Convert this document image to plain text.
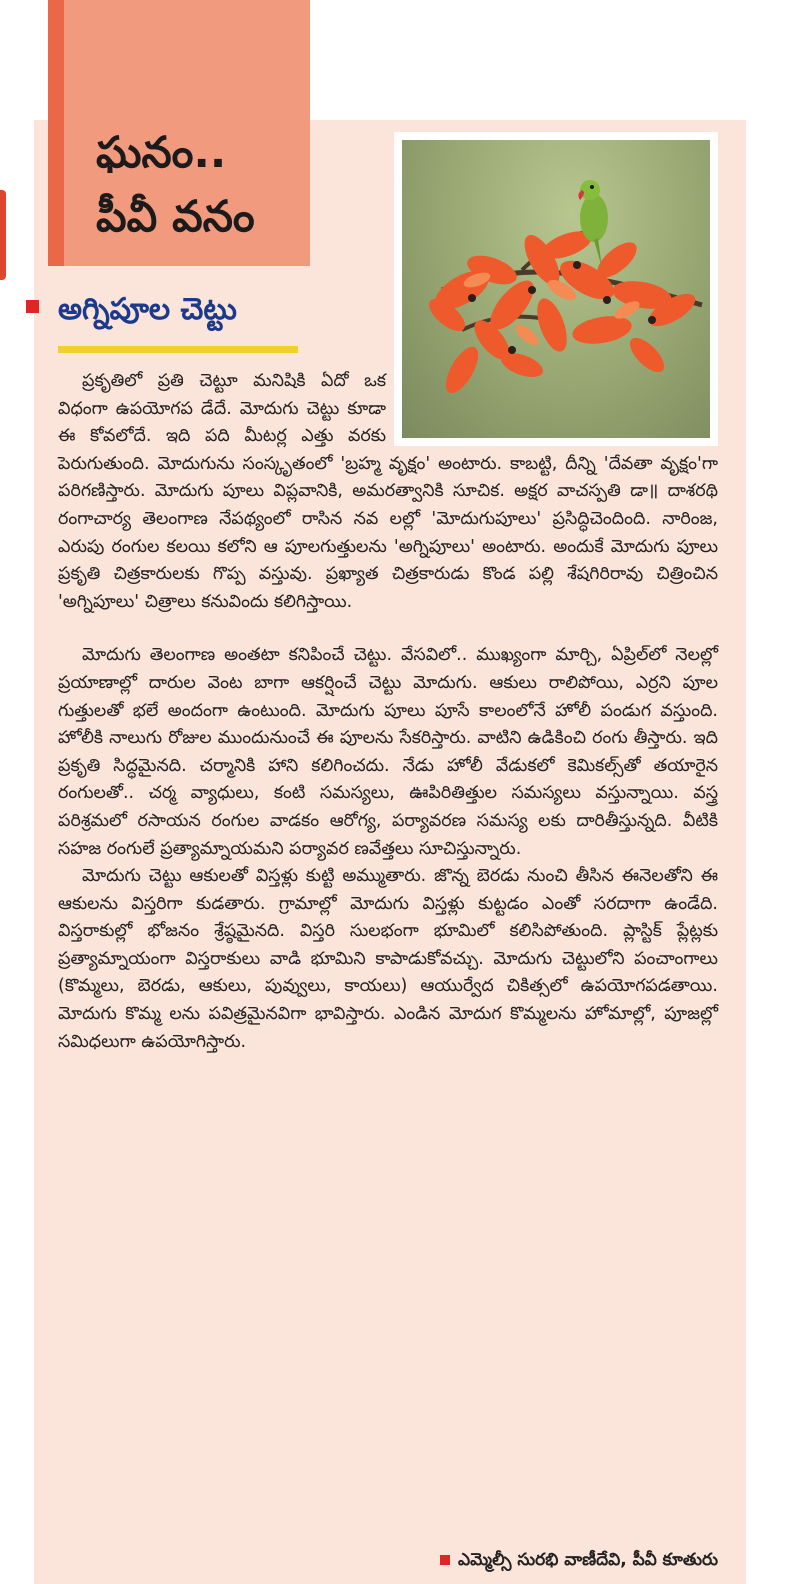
ఘనం..
పీవీ వనం
అగ్నిపూల చెట్టు

ప్రకృతిలో ప్రతి చెట్టూ మనిషికి ఏదో ఒక విధంగా ఉపయోగప డేదే. మోదుగు చెట్టు కూడా ఈ కోవలోదే. ఇది పది మీటర్ల ఎత్తు వరకు పెరుగుతుంది. మోదుగును సంస్కృతంలో 'బ్రహ్మ వృక్షం' అంటారు. కాబట్టి, దీన్ని 'దేవతా వృక్షం'గా పరిగణిస్తారు. మోదుగు పూలు విప్లవానికి, అమరత్వానికి సూచిక. అక్షర వాచస్పతి డా॥ దాశరథి రంగాచార్య తెలంగాణ నేపథ్యంలో రాసిన నవ లల్లో 'మోదుగుపూలు' ప్రసిద్ధిచెందింది. నారింజ, ఎరుపు రంగుల కలయి కలోని ఆ పూలగుత్తులను 'అగ్నిపూలు' అంటారు. అందుకే మోదుగు పూలు ప్రకృతి చిత్రకారులకు గొప్ప వస్తువు. ప్రఖ్యాత చిత్రకారుడు కొండ పల్లి శేషగిరిరావు చిత్రించిన 'అగ్నిపూలు' చిత్రాలు కనువిందు కలిగిస్తాయి.

మోదుగు తెలంగాణ అంతటా కనిపించే చెట్టు. వేసవిలో.. ముఖ్యంగా మార్చి, ఏప్రిల్‌లో నెలల్లో ప్రయాణాల్లో దారుల వెంట బాగా ఆకర్షించే చెట్టు మోదుగు. ఆకులు రాలిపోయి, ఎర్రని పూల గుత్తులతో భలే అందంగా ఉంటుంది. మోదుగు పూలు పూసే కాలంలోనే హోలీ పండుగ వస్తుంది. హోలీకి నాలుగు రోజుల ముందునుంచే ఈ పూలను సేకరిస్తారు. వాటిని ఉడికించి రంగు తీస్తారు. ఇది ప్రకృతి సిద్ధమైనది. చర్మానికి హాని కలిగించదు. నేడు హోలీ వేడుకలో కెమికల్స్‌తో తయారైన రంగులతో.. చర్మ వ్యాధులు, కంటి సమస్యలు, ఊపిరితిత్తుల సమస్యలు వస్తున్నాయి. వస్త్ర పరిశ్రమలో రసాయన రంగుల వాడకం ఆరోగ్య, పర్యావరణ సమస్య లకు దారితీస్తున్నది. వీటికి సహజ రంగులే ప్రత్యామ్నాయమని పర్యావర ణవేత్తలు సూచిస్తున్నారు.

మోదుగు చెట్టు ఆకులతో విస్తళ్లు కుట్టి అమ్ముతారు. జొన్న బెరడు నుంచి తీసిన ఈనెలతోని ఈ ఆకులను విస్తరిగా కుడతారు. గ్రామాల్లో మోదుగు విస్తళ్లు కుట్టడం ఎంతో సరదాగా ఉండేది. విస్తరాకుల్లో భోజనం శ్రేష్ఠమైనది. విస్తరి సులభంగా భూమిలో కలిసిపోతుంది. ప్లాస్టిక్ ప్లేట్లకు ప్రత్యామ్నాయంగా విస్తరాకులు వాడి భూమిని కాపాడుకోవచ్చు. మోదుగు చెట్టులోని పంచాంగాలు (కొమ్మలు, బెరడు, ఆకులు, పువ్వులు, కాయలు) ఆయుర్వేద చికిత్సలో ఉపయోగపడతాయి. మోదుగు కొమ్మ లను పవిత్రమైనవిగా భావిస్తారు. ఎండిన మోదుగ కొమ్మలను హోమాల్లో, పూజల్లో సమిధలుగా ఉపయోగిస్తారు.

ఎమ్మెల్సీ సురభి వాణీదేవి, పీవీ కూతురు
